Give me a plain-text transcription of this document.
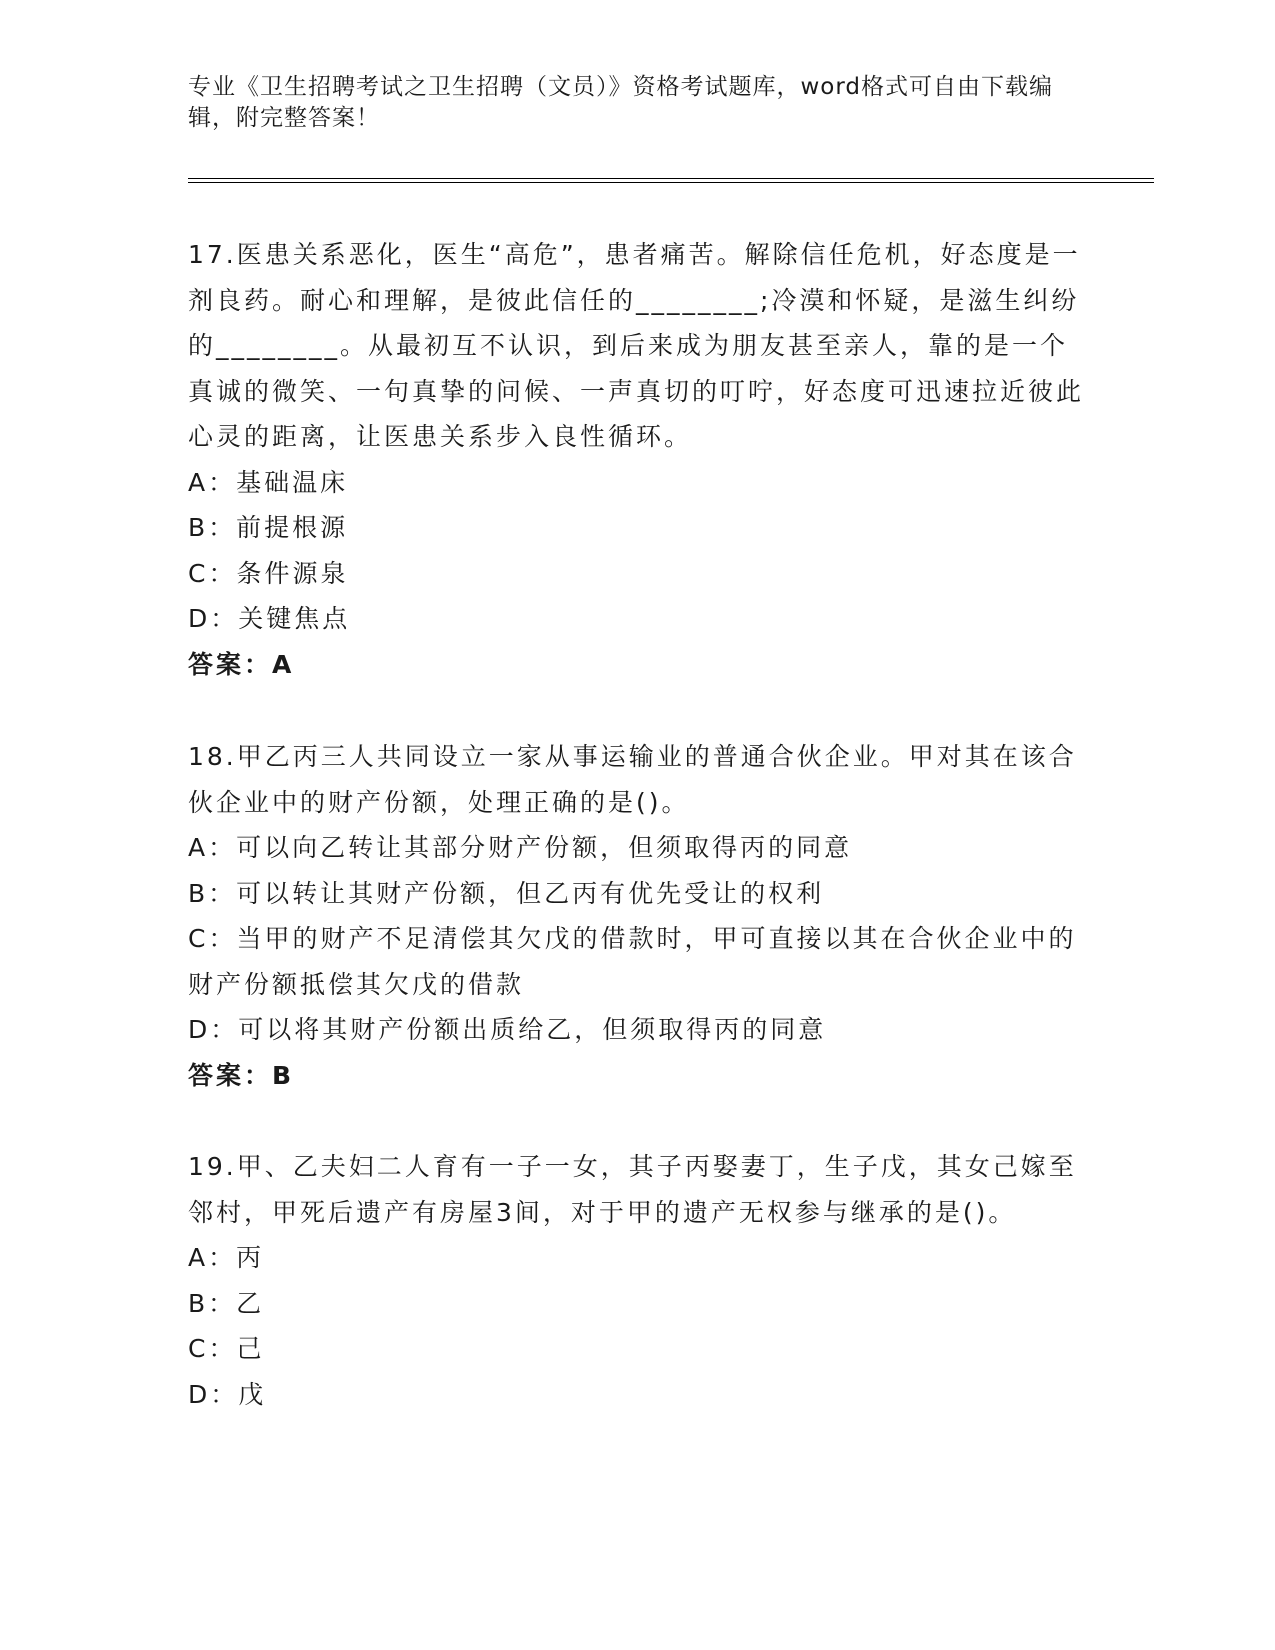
专业《卫生招聘考试之卫生招聘（文员）》资格考试题库，word格式可自由下载编辑，附完整答案！
17.医患关系恶化，医生“高危”，患者痛苦。解除信任危机，好态度是一剂良药。耐心和理解，是彼此信任的________;冷漠和怀疑，是滋生纠纷的________。从最初互不认识，到后来成为朋友甚至亲人，靠的是一个真诚的微笑、一句真挚的问候、一声真切的叮咛，好态度可迅速拉近彼此心灵的距离，让医患关系步入良性循环。
A：基础温床
B：前提根源
C：条件源泉
D：关键焦点
答案：A
18.甲乙丙三人共同设立一家从事运输业的普通合伙企业。甲对其在该合伙企业中的财产份额，处理正确的是()。
A：可以向乙转让其部分财产份额，但须取得丙的同意
B：可以转让其财产份额，但乙丙有优先受让的权利
C：当甲的财产不足清偿其欠戊的借款时，甲可直接以其在合伙企业中的财产份额抵偿其欠戊的借款
D：可以将其财产份额出质给乙，但须取得丙的同意
答案：B
19.甲、乙夫妇二人育有一子一女，其子丙娶妻丁，生子戊，其女己嫁至邻村，甲死后遗产有房屋3间，对于甲的遗产无权参与继承的是()。
A：丙
B：乙
C：己
D：戊
